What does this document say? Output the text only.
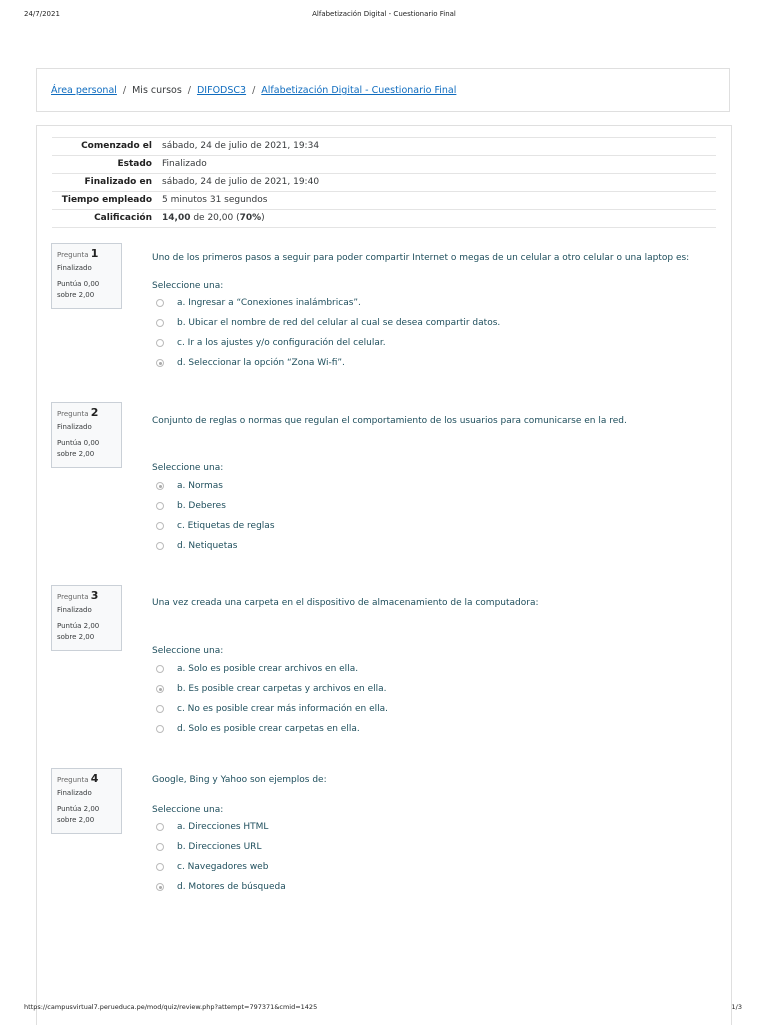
24/7/2021	Alfabetización Digital - Cuestionario Final
Área personal / Mis cursos / DIFODSC3 / Alfabetización Digital - Cuestionario Final
Comenzado el	sábado, 24 de julio de 2021, 19:34
Estado	Finalizado
Finalizado en	sábado, 24 de julio de 2021, 19:40
Tiempo empleado	5 minutos 31 segundos
Calificación	14,00 de 20,00 (70%)
Pregunta 1
Finalizado
Puntúa 0,00
sobre 2,00
Uno de los primeros pasos a seguir para poder compartir Internet o megas de un celular a otro celular o una laptop es:
Seleccione una:
a. Ingresar a “Conexiones inalámbricas”.
b. Ubicar el nombre de red del celular al cual se desea compartir datos.
c. Ir a los ajustes y/o configuración del celular.
d. Seleccionar la opción “Zona Wi-fi”.
Pregunta 2
Finalizado
Puntúa 0,00
sobre 2,00
Conjunto de reglas o normas que regulan el comportamiento de los usuarios para comunicarse en la red.
Seleccione una:
a. Normas
b. Deberes
c. Etiquetas de reglas
d. Netiquetas
Pregunta 3
Finalizado
Puntúa 2,00
sobre 2,00
Una vez creada una carpeta en el dispositivo de almacenamiento de la computadora:
Seleccione una:
a. Solo es posible crear archivos en ella.
b. Es posible crear carpetas y archivos en ella.
c. No es posible crear más información en ella.
d. Solo es posible crear carpetas en ella.
Pregunta 4
Finalizado
Puntúa 2,00
sobre 2,00
Google, Bing y Yahoo son ejemplos de:
Seleccione una:
a. Direcciones HTML
b. Direcciones URL
c. Navegadores web
d. Motores de búsqueda
https://campusvirtual7.perueduca.pe/mod/quiz/review.php?attempt=797371&cmid=1425	1/3
